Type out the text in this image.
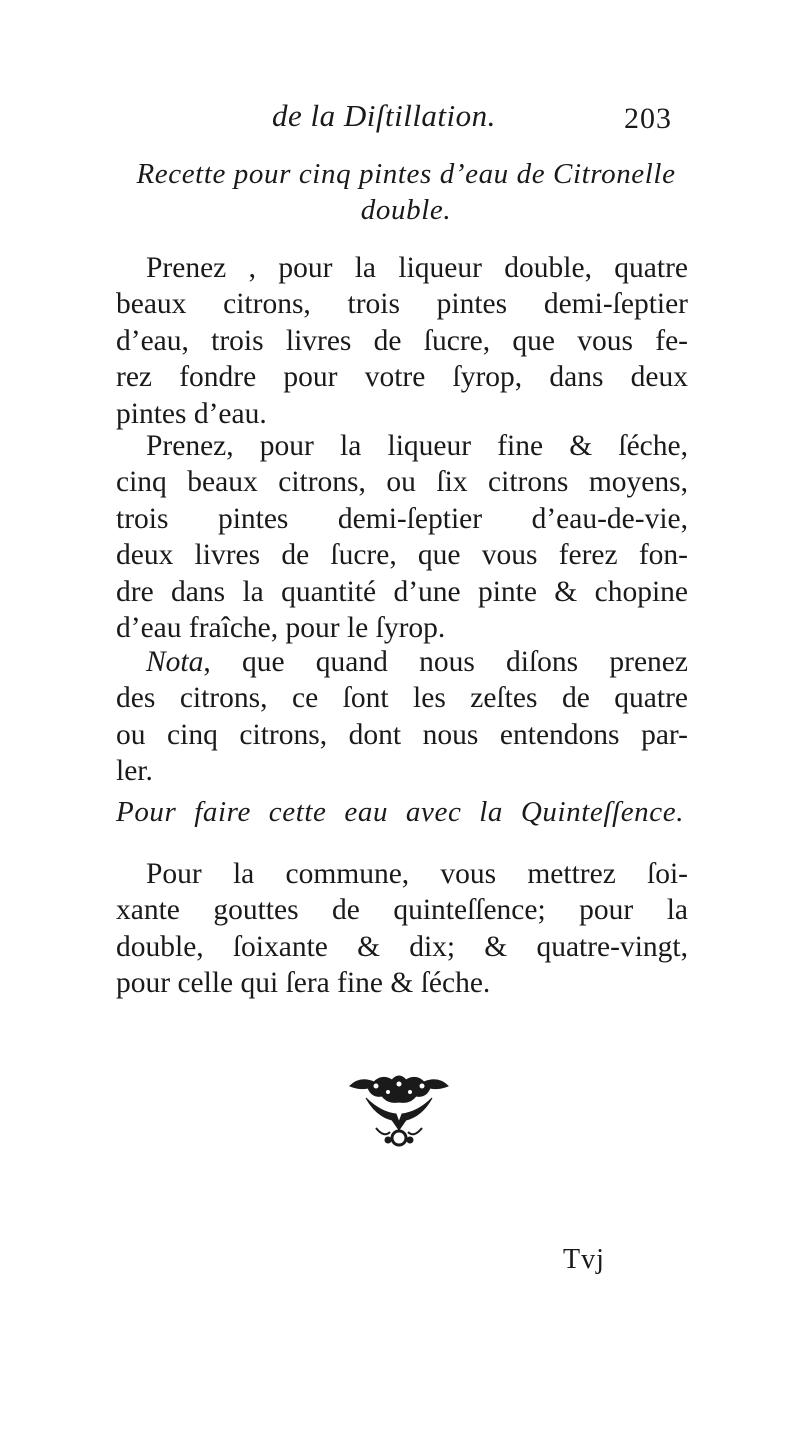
de la Diſtillation.	203
Recette pour cinq pintes d’eau de Citronelle
double.
Prenez , pour la liqueur double, quatre
beaux citrons, trois pintes demi-ſeptier
d’eau, trois livres de ſucre, que vous fe-
rez fondre pour votre ſyrop, dans deux
pintes d’eau.
Prenez, pour la liqueur fine & ſéche,
cinq beaux citrons, ou ſix citrons moyens,
trois pintes demi-ſeptier d’eau-de-vie,
deux livres de ſucre, que vous ferez fon-
dre dans la quantité d’une pinte & chopine
d’eau fraîche, pour le ſyrop.
Nota, que quand nous diſons prenez
des citrons, ce ſont les zeſtes de quatre
ou cinq citrons, dont nous entendons par-
ler.
Pour faire cette eau avec la Quinteſſence.
Pour la commune, vous mettrez ſoi-
xante gouttes de quinteſſence; pour la
double, ſoixante & dix; & quatre-vingt,
pour celle qui ſera fine & ſéche.
Tvj
